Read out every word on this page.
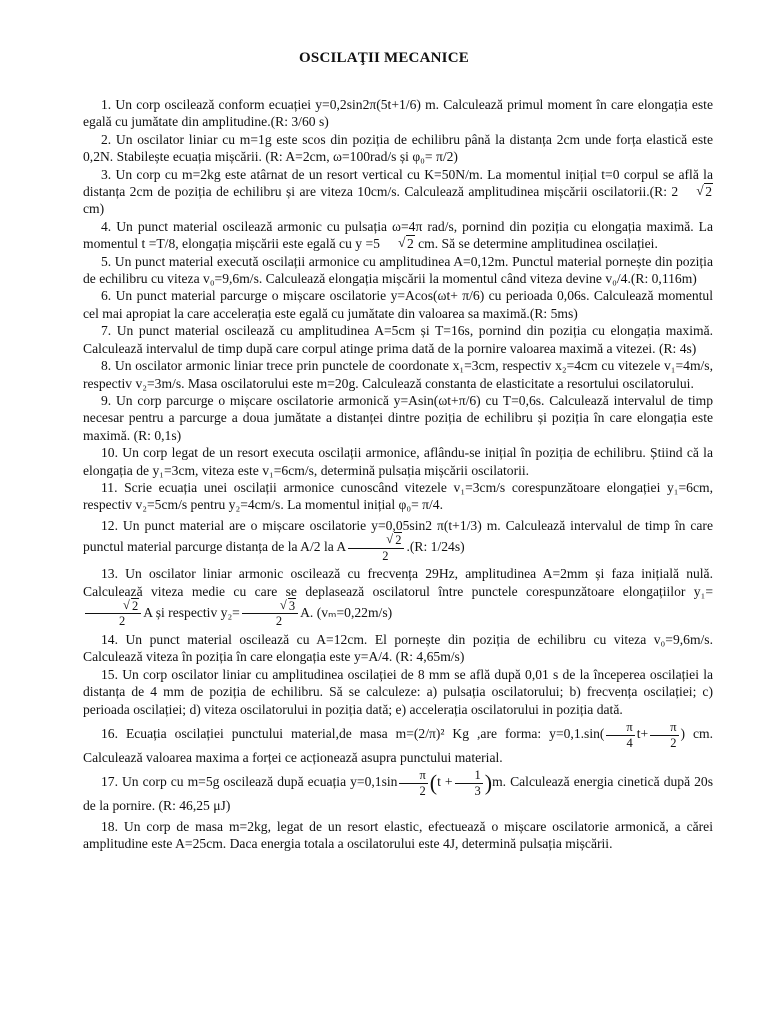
OSCILAŢII MECANICE

1. Un corp oscilează conform ecuației y=0,2sin2π(5t+1/6) m. Calculează primul moment în care elongația este egală cu jumătate din amplitudine.(R: 3/60 s)

2. Un oscilator liniar cu m=1g este scos din poziția de echilibru până la distanța 2cm unde forța elastică este 0,2N. Stabilește ecuația mișcării. (R: A=2cm, ω=100rad/s și φ₀= π/2)

3. Un corp cu m=2kg este atârnat de un resort vertical cu K=50N/m. La momentul inițial t=0 corpul se află la distanța 2cm de poziția de echilibru și are viteza 10cm/s. Calculează amplitudinea mișcării oscilatorii.(R: 2 √ 2 cm)

4. Un punct material oscilează armonic cu pulsația ω=4π rad/s, pornind din poziția cu elongația maximă. La momentul t =T/8, elongația mișcării este egală cu y =5 √ 2 cm. Să se determine amplitudinea oscilației.

5. Un punct material execută oscilații armonice cu amplitudinea A=0,12m. Punctul material pornește din poziția de echilibru cu viteza v₀=9,6m/s. Calculează elongația mișcării la momentul când viteza devine v₀/4.(R: 0,116m)

6. Un punct material parcurge o mișcare oscilatorie y=Acos(ωt+ π/6) cu perioada 0,06s. Calculează momentul cel mai apropiat la care accelerația este egală cu jumătate din valoarea sa maximă.(R: 5ms)

7. Un punct material oscilează cu amplitudinea A=5cm și T=16s, pornind din poziția cu elongația maximă. Calculează intervalul de timp după care corpul atinge prima dată de la pornire valoarea maximă a vitezei. (R: 4s)

8. Un oscilator armonic liniar trece prin punctele de coordonate x₁=3cm, respectiv x₂=4cm cu vitezele v₁=4m/s, respectiv v₂=3m/s. Masa oscilatorului este m=20g. Calculează constanta de elasticitate a resortului oscilatorului.

9. Un corp parcurge o mișcare oscilatorie armonică y=Asin(ωt+π/6) cu T=0,6s. Calculează intervalul de timp necesar pentru a parcurge a doua jumătate a distanței dintre poziția de echilibru și poziția în care elongația este maximă. (R: 0,1s)

10. Un corp legat de un resort executa oscilații armonice, aflându-se inițial în poziția de echilibru. Știind că la elongația de y₁=3cm, viteza este v₁=6cm/s, determină pulsația mișcării oscilatorii.

11. Scrie ecuația unei oscilații armonice cunoscând vitezele v₁=3cm/s corespunzătoare elongației y₁=6cm, respectiv v₂=5cm/s pentru y₂=4cm/s. La momentul inițial φ₀= π/4.

12. Un punct material are o mișcare oscilatorie y=0,05sin2 π(t+1/3) m. Calculează intervalul de timp în care punctul material parcurge distanța de la A/2 la A √ $\frac{2}{2} .(R$: 1/24s)

13. Un oscilator liniar armonic oscilează cu frecvența 29Hz, amplitudinea A=2mm și faza inițială nulă. Calculează viteza medie cu care se deplasează oscilatorul între punctele corespunzătoare elongațiilor y₁=
√ $\frac{2}{2}$ A și respectiv y₂= √ $\frac{3}{2} A$. (vₘ=0,22m/s)

14. Un punct material oscilează cu A=12cm. El pornește din poziția de echilibru cu viteza v₀=9,6m/s. Calculează viteza în poziția în care elongația este y=A/4. (R: 4,65m/s)

15. Un corp oscilator liniar cu amplitudinea oscilației de 8 mm se află după 0,01 s de la începerea oscilației la distanța de 4 mm de poziția de echilibru. Să se calculeze: a) pulsația oscilatorului; b) frecvența oscilației; c) perioada oscilației; d) viteza oscilatorului in poziția dată; e) accelerația oscilatorului in poziția dată.

16. Ecuația oscilației punctului material,de masa m=(2/π)² Kg ,are forma: $y=0,1.\sin( \frac{\pi}{4} t+ \frac{\pi}{2}$ ) cm. Calculează valoarea maxima a forței ce acționează asupra punctului material.

17. Un corp cu m=5g oscilează după ecuația $y=0,1\sin \frac{\pi}{2} (t + \frac{1}{3} )m$. Calculează energia cinetică după 20s de la pornire. (R: 46,25 μJ)

18. Un corp de masa m=2kg, legat de un resort elastic, efectuează o mișcare oscilatorie armonică, a cărei amplitudine este A=25cm. Daca energia totala a oscilatorului este 4J, determină pulsația mișcării.
